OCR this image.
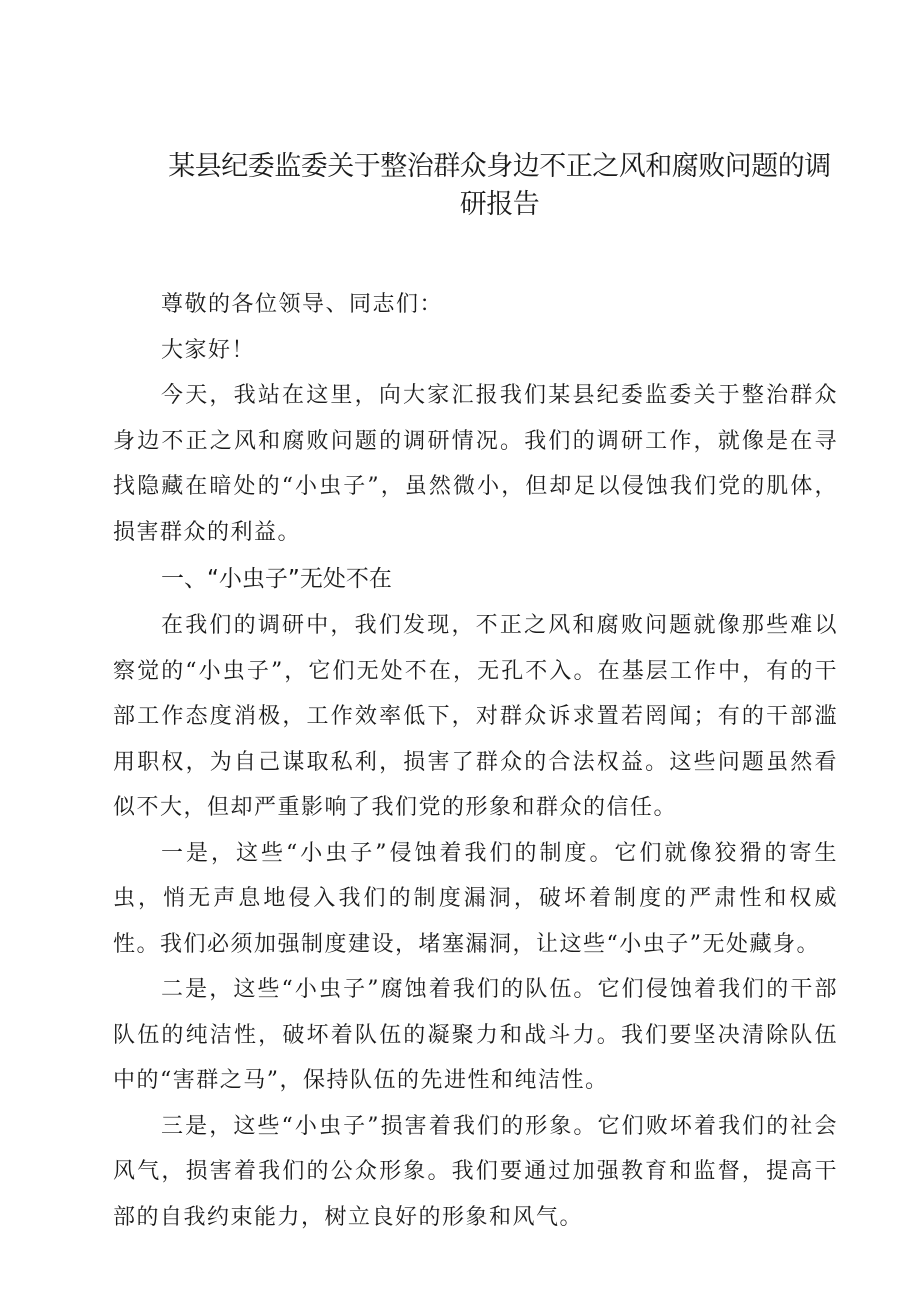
某县纪委监委关于整治群众身边不正之风和腐败问题的调研报告

尊敬的各位领导、同志们：

大家好！

今天，我站在这里，向大家汇报我们某县纪委监委关于整治群众身边不正之风和腐败问题的调研情况。我们的调研工作，就像是在寻找隐藏在暗处的“小虫子”，虽然微小，但却足以侵蚀我们党的肌体，损害群众的利益。

一、“小虫子”无处不在

在我们的调研中，我们发现，不正之风和腐败问题就像那些难以察觉的“小虫子”，它们无处不在，无孔不入。在基层工作中，有的干部工作态度消极，工作效率低下，对群众诉求置若罔闻；有的干部滥用职权，为自己谋取私利，损害了群众的合法权益。这些问题虽然看似不大，但却严重影响了我们党的形象和群众的信任。

一是，这些“小虫子”侵蚀着我们的制度。它们就像狡猾的寄生虫，悄无声息地侵入我们的制度漏洞，破坏着制度的严肃性和权威性。我们必须加强制度建设，堵塞漏洞，让这些“小虫子”无处藏身。

二是，这些“小虫子”腐蚀着我们的队伍。它们侵蚀着我们的干部队伍的纯洁性，破坏着队伍的凝聚力和战斗力。我们要坚决清除队伍中的“害群之马”，保持队伍的先进性和纯洁性。

三是，这些“小虫子”损害着我们的形象。它们败坏着我们的社会风气，损害着我们的公众形象。我们要通过加强教育和监督，提高干部的自我约束能力，树立良好的形象和风气。
